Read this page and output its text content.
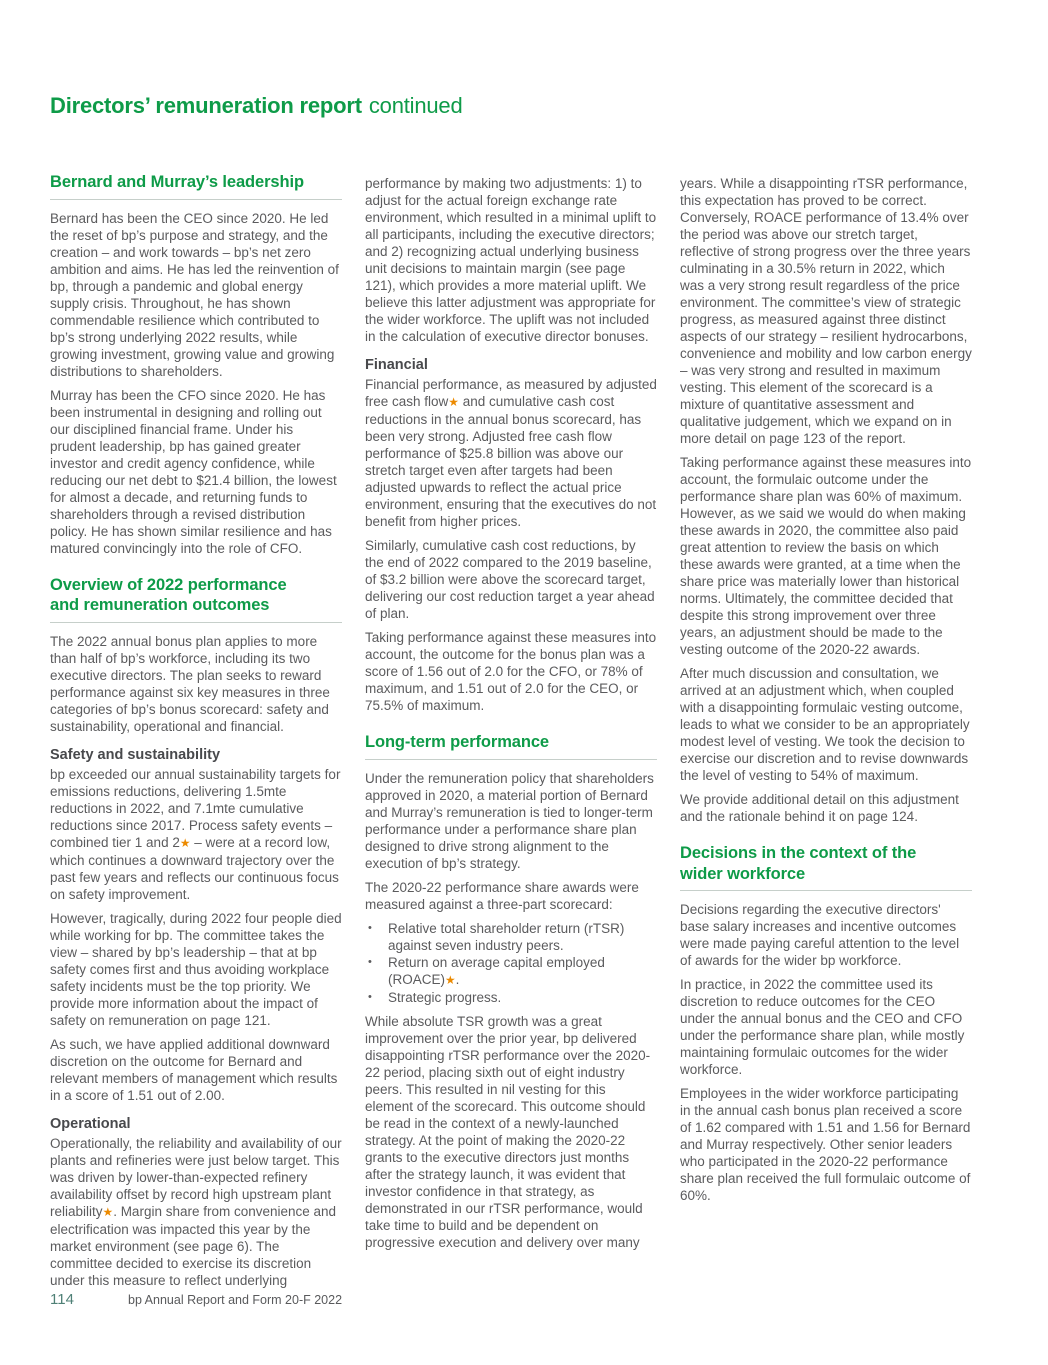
Directors’ remuneration report continued
Bernard and Murray’s leadership

Bernard has been the CEO since 2020. He led the reset of bp’s purpose and strategy, and the creation – and work towards – bp’s net zero ambition and aims. He has led the reinvention of bp, through a pandemic and global energy supply crisis. Throughout, he has shown commendable resilience which contributed to bp’s strong underlying 2022 results, while growing investment, growing value and growing distributions to shareholders.

Murray has been the CFO since 2020. He has been instrumental in designing and rolling out our disciplined financial frame. Under his prudent leadership, bp has gained greater investor and credit agency confidence, while reducing our net debt to $21.4 billion, the lowest for almost a decade, and returning funds to shareholders through a revised distribution policy. He has shown similar resilience and has matured convincingly into the role of CFO.

Overview of 2022 performance
and remuneration outcomes

The 2022 annual bonus plan applies to more than half of bp’s workforce, including its two executive directors. The plan seeks to reward performance against six key measures in three categories of bp’s bonus scorecard: safety and sustainability, operational and financial.

Safety and sustainability

bp exceeded our annual sustainability targets for emissions reductions, delivering 1.5mte reductions in 2022, and 7.1mte cumulative reductions since 2017. Process safety events – combined tier 1 and 2★ – were at a record low, which continues a downward trajectory over the past few years and reflects our continuous focus on safety improvement.

However, tragically, during 2022 four people died while working for bp. The committee takes the view – shared by bp’s leadership – that at bp safety comes first and thus avoiding workplace safety incidents must be the top priority. We provide more information about the impact of safety on remuneration on page 121.

As such, we have applied additional downward discretion on the outcome for Bernard and relevant members of management which results in a score of 1.51 out of 2.00.

Operational

Operationally, the reliability and availability of our plants and refineries were just below target. This was driven by lower-than-expected refinery availability offset by record high upstream plant reliability★. Margin share from convenience and electrification was impacted this year by the market environment (see page 6). The committee decided to exercise its discretion under this measure to reflect underlying

performance by making two adjustments: 1) to adjust for the actual foreign exchange rate environment, which resulted in a minimal uplift to all participants, including the executive directors; and 2) recognizing actual underlying business unit decisions to maintain margin (see page 121), which provides a more material uplift. We believe this latter adjustment was appropriate for the wider workforce. The uplift was not included in the calculation of executive director bonuses.

Financial

Financial performance, as measured by adjusted free cash flow★ and cumulative cash cost reductions in the annual bonus scorecard, has been very strong. Adjusted free cash flow performance of $25.8 billion was above our stretch target even after targets had been adjusted upwards to reflect the actual price environment, ensuring that the executives do not benefit from higher prices.

Similarly, cumulative cash cost reductions, by the end of 2022 compared to the 2019 baseline, of $3.2 billion were above the scorecard target, delivering our cost reduction target a year ahead of plan.

Taking performance against these measures into account, the outcome for the bonus plan was a score of 1.56 out of 2.0 for the CFO, or 78% of maximum, and 1.51 out of 2.0 for the CEO, or 75.5% of maximum.

Long-term performance

Under the remuneration policy that shareholders approved in 2020, a material portion of Bernard and Murray’s remuneration is tied to longer-term performance under a performance share plan designed to drive strong alignment to the execution of bp’s strategy.

The 2020-22 performance share awards were measured against a three-part scorecard:

• Relative total shareholder return (rTSR) against seven industry peers.
• Return on average capital employed (ROACE)★.
• Strategic progress.

While absolute TSR growth was a great improvement over the prior year, bp delivered disappointing rTSR performance over the 2020-22 period, placing sixth out of eight industry peers. This resulted in nil vesting for this element of the scorecard. This outcome should be read in the context of a newly-launched strategy. At the point of making the 2020-22 grants to the executive directors just months after the strategy launch, it was evident that investor confidence in that strategy, as demonstrated in our rTSR performance, would take time to build and be dependent on progressive execution and delivery over many

years. While a disappointing rTSR performance, this expectation has proved to be correct. Conversely, ROACE performance of 13.4% over the period was above our stretch target, reflective of strong progress over the three years culminating in a 30.5% return in 2022, which was a very strong result regardless of the price environment. The committee’s view of strategic progress, as measured against three distinct aspects of our strategy – resilient hydrocarbons, convenience and mobility and low carbon energy – was very strong and resulted in maximum vesting. This element of the scorecard is a mixture of quantitative assessment and qualitative judgement, which we expand on in more detail on page 123 of the report.

Taking performance against these measures into account, the formulaic outcome under the performance share plan was 60% of maximum. However, as we said we would do when making these awards in 2020, the committee also paid great attention to review the basis on which these awards were granted, at a time when the share price was materially lower than historical norms. Ultimately, the committee decided that despite this strong improvement over three years, an adjustment should be made to the vesting outcome of the 2020-22 awards.

After much discussion and consultation, we arrived at an adjustment which, when coupled with a disappointing formulaic vesting outcome, leads to what we consider to be an appropriately modest level of vesting. We took the decision to exercise our discretion and to revise downwards the level of vesting to 54% of maximum.

We provide additional detail on this adjustment and the rationale behind it on page 124.

Decisions in the context of the
wider workforce

Decisions regarding the executive directors' base salary increases and incentive outcomes were made paying careful attention to the level of awards for the wider bp workforce.

In practice, in 2022 the committee used its discretion to reduce outcomes for the CEO under the annual bonus and the CEO and CFO under the performance share plan, while mostly maintaining formulaic outcomes for the wider workforce.

Employees in the wider workforce participating in the annual cash bonus plan received a score of 1.62 compared with 1.51 and 1.56 for Bernard and Murray respectively. Other senior leaders who participated in the 2020-22 performance share plan received the full formulaic outcome of 60%.

114	bp Annual Report and Form 20-F 2022
